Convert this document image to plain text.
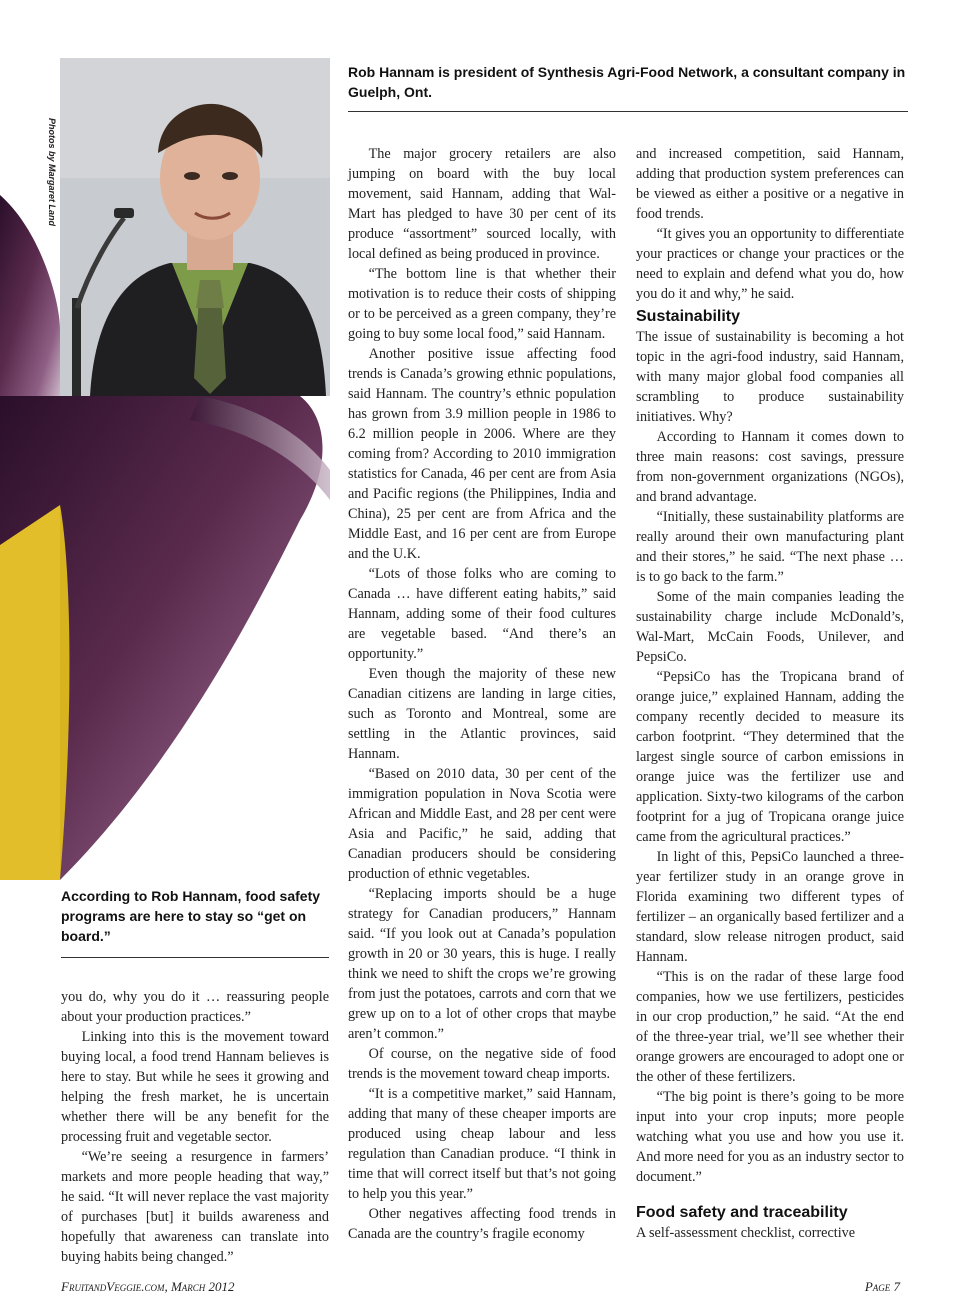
Photos by Margaret Land
Rob Hannam is president of Synthesis Agri-Food Network, a consultant company in Guelph, Ont.
According to Rob Hannam, food safety programs are here to stay so “get on board.”

you do, why you do it … reassuring people about your production practices.”

Linking into this is the movement toward buying local, a food trend Hannam believes is here to stay. But while he sees it growing and helping the fresh market, he is uncertain whether there will be any benefit for the processing fruit and vegetable sector.

“We’re seeing a resurgence in farmers’ markets and more people heading that way,” he said. “It will never replace the vast majority of purchases [but] it builds awareness and hopefully that awareness can translate into buying habits being changed.”

The major grocery retailers are also jumping on board with the buy local movement, said Hannam, adding that Wal-Mart has pledged to have 30 per cent of its produce “assortment” sourced locally, with local defined as being produced in province.

“The bottom line is that whether their motivation is to reduce their costs of shipping or to be perceived as a green company, they’re going to buy some local food,” said Hannam.

Another positive issue affecting food trends is Canada’s growing ethnic populations, said Hannam. The country’s ethnic population has grown from 3.9 million people in 1986 to 6.2 million people in 2006. Where are they coming from? According to 2010 immigration statistics for Canada, 46 per cent are from Asia and Pacific regions (the Philippines, India and China), 25 per cent are from Africa and the Middle East, and 16 per cent are from Europe and the U.K.

“Lots of those folks who are coming to Canada … have different eating habits,” said Hannam, adding some of their food cultures are vegetable based. “And there’s an opportunity.”

Even though the majority of these new Canadian citizens are landing in large cities, such as Toronto and Montreal, some are settling in the Atlantic provinces, said Hannam.

“Based on 2010 data, 30 per cent of the immigration population in Nova Scotia were African and Middle East, and 28 per cent were Asia and Pacific,” he said, adding that Canadian producers should be considering production of ethnic vegetables.

“Replacing imports should be a huge strategy for Canadian producers,” Hannam said. “If you look out at Canada’s population growth in 20 or 30 years, this is huge. I really think we need to shift the crops we’re growing from just the potatoes, carrots and corn that we grew up on to a lot of other crops that maybe aren’t common.”

Of course, on the negative side of food trends is the movement toward cheap imports.

“It is a competitive market,” said Hannam, adding that many of these cheaper imports are produced using cheap labour and less regulation than Canadian produce. “I think in time that will correct itself but that’s not going to help you this year.”

Other negatives affecting food trends in Canada are the country’s fragile economy

and increased competition, said Hannam, adding that production system preferences can be viewed as either a positive or a negative in food trends.

“It gives you an opportunity to differentiate your practices or change your practices or the need to explain and defend what you do, how you do it and why,” he said.

Sustainability

The issue of sustainability is becoming a hot topic in the agri-food industry, said Hannam, with many major global food companies all scrambling to produce sustainability initiatives. Why?

According to Hannam it comes down to three main reasons: cost savings, pressure from non-government organizations (NGOs), and brand advantage.

“Initially, these sustainability platforms are really around their own manufacturing plant and their stores,” he said. “The next phase … is to go back to the farm.”

Some of the main companies leading the sustainability charge include McDonald’s, Wal-Mart, McCain Foods, Unilever, and PepsiCo.

“PepsiCo has the Tropicana brand of orange juice,” explained Hannam, adding the company recently decided to measure its carbon footprint. “They determined that the largest single source of carbon emissions in orange juice was the fertilizer use and application. Sixty-two kilograms of the carbon footprint for a jug of Tropicana orange juice came from the agricultural practices.”

In light of this, PepsiCo launched a three-year fertilizer study in an orange grove in Florida examining two different types of fertilizer – an organically based fertilizer and a standard, slow release nitrogen product, said Hannam.

“This is on the radar of these large food companies, how we use fertilizers, pesticides in our crop production,” he said. “At the end of the three-year trial, we’ll see whether their orange growers are encouraged to adopt one or the other of these fertilizers.

“The big point is there’s going to be more input into your crop inputs; more people watching what you use and how you use it. And more need for you as an industry sector to document.”

Food safety and traceability

A self-assessment checklist, corrective

FruitandVeggie.com, March 2012	Page 7
